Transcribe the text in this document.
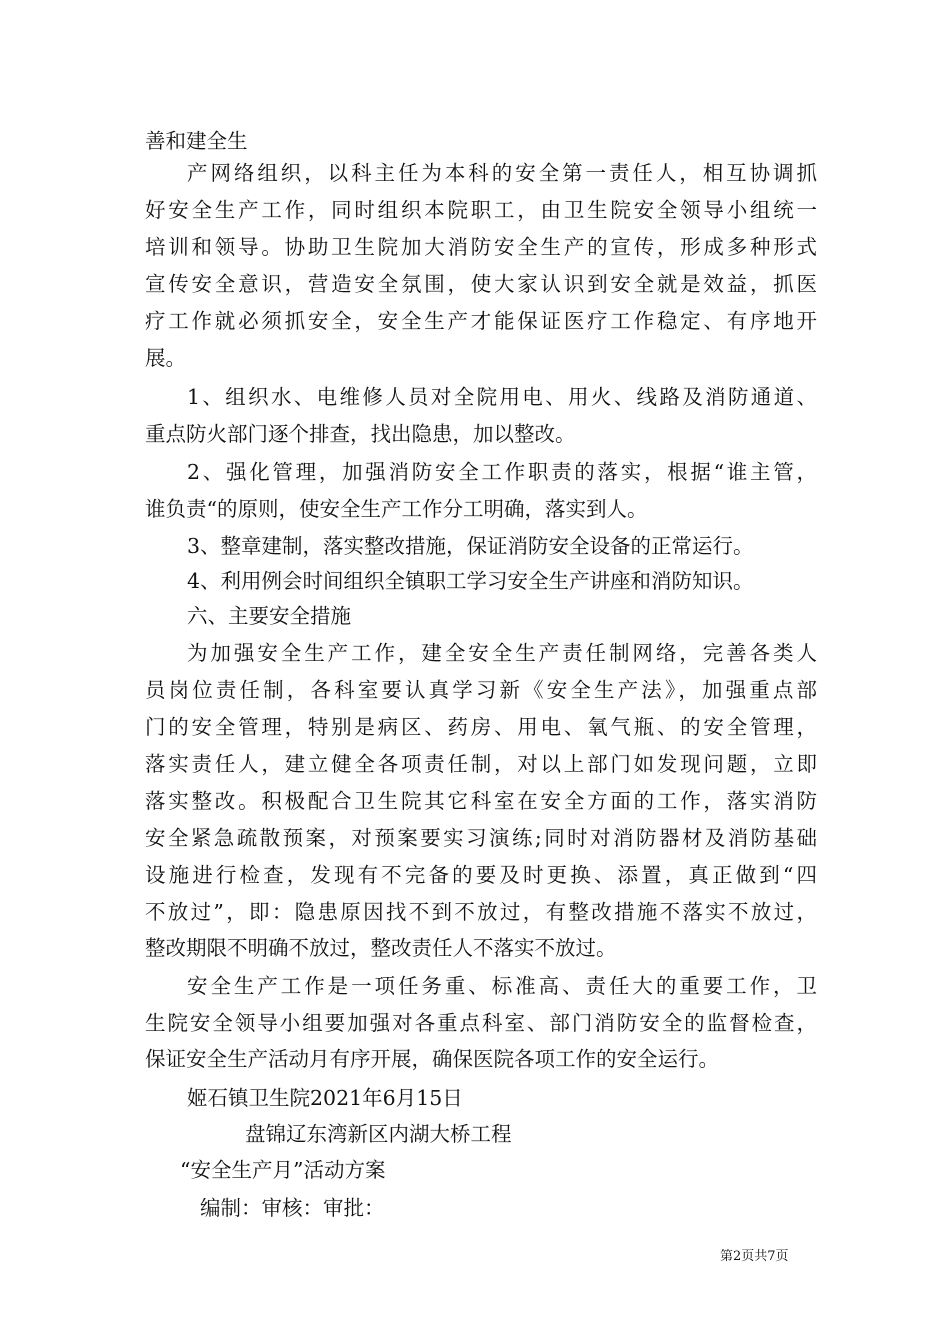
善和建全生
产网络组织，以科主任为本科的安全第一责任人，相互协调抓
好安全生产工作，同时组织本院职工，由卫生院安全领导小组统一
培训和领导。协助卫生院加大消防安全生产的宣传，形成多种形式
宣传安全意识，营造安全氛围，使大家认识到安全就是效益，抓医
疗工作就必须抓安全，安全生产才能保证医疗工作稳定、有序地开
展。
1、组织水、电维修人员对全院用电、用火、线路及消防通道、
重点防火部门逐个排查，找出隐患，加以整改。
2、强化管理，加强消防安全工作职责的落实，根据“谁主管，
谁负责“的原则，使安全生产工作分工明确，落实到人。
3、整章建制，落实整改措施，保证消防安全设备的正常运行。
4、利用例会时间组织全镇职工学习安全生产讲座和消防知识。
六、主要安全措施
为加强安全生产工作，建全安全生产责任制网络，完善各类人
员岗位责任制，各科室要认真学习新《安全生产法》，加强重点部
门的安全管理，特别是病区、药房、用电、氧气瓶、的安全管理，
落实责任人，建立健全各项责任制，对以上部门如发现问题，立即
落实整改。积极配合卫生院其它科室在安全方面的工作，落实消防
安全紧急疏散预案，对预案要实习演练;同时对消防器材及消防基础
设施进行检查，发现有不完备的要及时更换、添置，真正做到“四
不放过”，即：隐患原因找不到不放过，有整改措施不落实不放过，
整改期限不明确不放过，整改责任人不落实不放过。
安全生产工作是一项任务重、标准高、责任大的重要工作，卫
生院安全领导小组要加强对各重点科室、部门消防安全的监督检查，
保证安全生产活动月有序开展，确保医院各项工作的安全运行。
姬石镇卫生院2021年6月15日
盘锦辽东湾新区内湖大桥工程
“安全生产月”活动方案
编制：审核：审批：
第2页共7页
